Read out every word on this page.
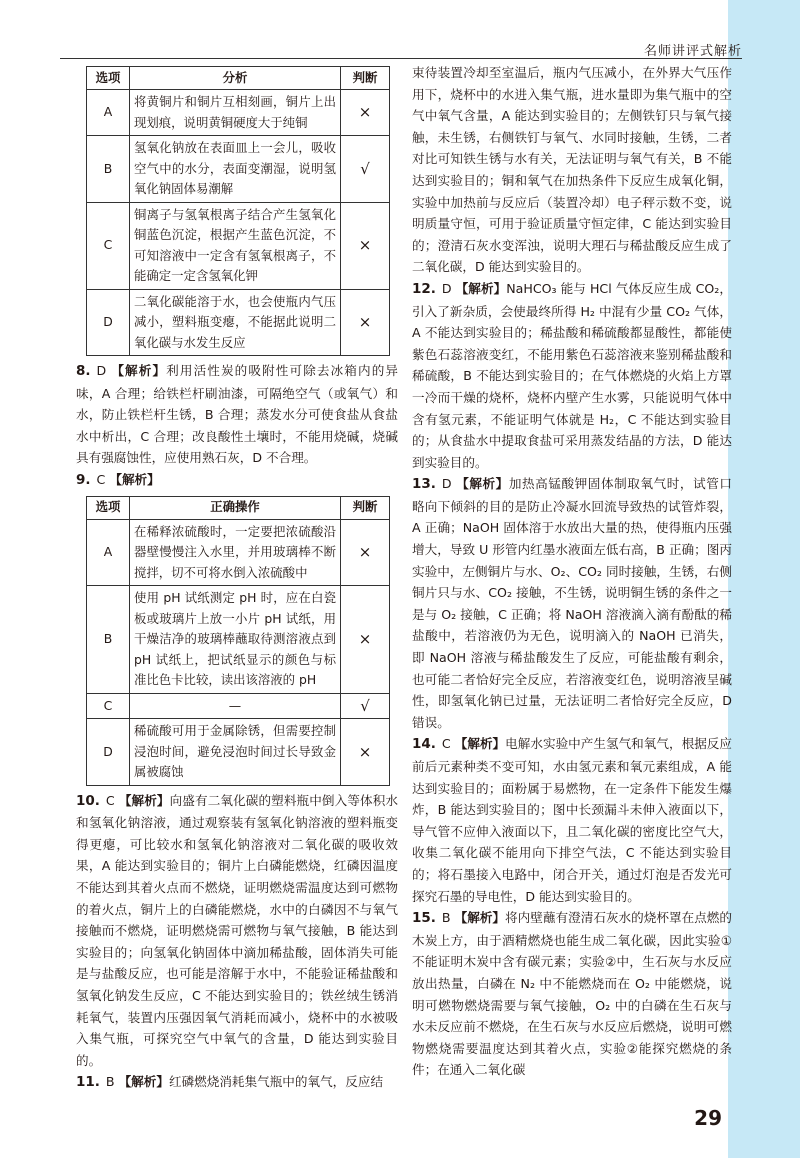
名师讲评式解析
选项	分析	判断
A	将黄铜片和铜片互相刻画，铜片上出现划痕，说明黄铜硬度大于纯铜	×
B	氢氧化钠放在表面皿上一会儿，吸收空气中的水分，表面变潮湿，说明氢氧化钠固体易潮解	√
C	铜离子与氢氧根离子结合产生氢氧化铜蓝色沉淀，根据产生蓝色沉淀，不可知溶液中一定含有氢氧根离子，不能确定一定含氢氧化钾	×
D	二氧化碳能溶于水，也会使瓶内气压减小，塑料瓶变瘪，不能据此说明二氧化碳与水发生反应	×

8. D 【解析】利用活性炭的吸附性可除去冰箱内的异味，A 合理；给铁栏杆刷油漆，可隔绝空气（或氧气）和水，防止铁栏杆生锈，B 合理；蒸发水分可使食盐从食盐水中析出，C 合理；改良酸性土壤时，不能用烧碱，烧碱具有强腐蚀性，应使用熟石灰，D 不合理。

9. C 【解析】

选项	正确操作	判断
A	在稀释浓硫酸时，一定要把浓硫酸沿器壁慢慢注入水里，并用玻璃棒不断搅拌，切不可将水倒入浓硫酸中	×
B	使用 pH 试纸测定 pH 时，应在白瓷板或玻璃片上放一小片 pH 试纸，用干燥洁净的玻璃棒蘸取待测溶液点到 pH 试纸上，把试纸显示的颜色与标准比色卡比较，读出该溶液的 pH	×
C	—	√
D	稀硫酸可用于金属除锈，但需要控制浸泡时间，避免浸泡时间过长导致金属被腐蚀	×

10. C 【解析】向盛有二氧化碳的塑料瓶中倒入等体积水和氢氧化钠溶液，通过观察装有氢氧化钠溶液的塑料瓶变得更瘪，可比较水和氢氧化钠溶液对二氧化碳的吸收效果，A 能达到实验目的；铜片上白磷能燃烧，红磷因温度不能达到其着火点而不燃烧，证明燃烧需温度达到可燃物的着火点，铜片上的白磷能燃烧，水中的白磷因不与氧气接触而不燃烧，证明燃烧需可燃物与氧气接触，B 能达到实验目的；向氢氧化钠固体中滴加稀盐酸，固体消失可能是与盐酸反应，也可能是溶解于水中，不能验证稀盐酸和氢氧化钠发生反应，C 不能达到实验目的；铁丝绒生锈消耗氧气，装置内压强因氧气消耗而减小，烧杯中的水被吸入集气瓶，可探究空气中氧气的含量，D 能达到实验目的。

11. B 【解析】红磷燃烧消耗集气瓶中的氧气，反应结

束待装置冷却至室温后，瓶内气压减小，在外界大气压作用下，烧杯中的水进入集气瓶，进水量即为集气瓶中的空气中氧气含量，A 能达到实验目的；左侧铁钉只与氧气接触，未生锈，右侧铁钉与氧气、水同时接触，生锈，二者对比可知铁生锈与水有关，无法证明与氧气有关，B 不能达到实验目的；铜和氧气在加热条件下反应生成氧化铜，实验中加热前与反应后（装置冷却）电子秤示数不变，说明质量守恒，可用于验证质量守恒定律，C 能达到实验目的；澄清石灰水变浑浊，说明大理石与稀盐酸反应生成了二氧化碳，D 能达到实验目的。

12. D 【解析】NaHCO₃ 能与 HCl 气体反应生成 CO₂，引入了新杂质，会使最终所得 H₂ 中混有少量 CO₂ 气体，A 不能达到实验目的；稀盐酸和稀硫酸都显酸性，都能使紫色石蕊溶液变红，不能用紫色石蕊溶液来鉴别稀盐酸和稀硫酸，B 不能达到实验目的；在气体燃烧的火焰上方罩一冷而干燥的烧杯，烧杯内壁产生水雾，只能说明气体中含有氢元素，不能证明气体就是 H₂，C 不能达到实验目的；从食盐水中提取食盐可采用蒸发结晶的方法，D 能达到实验目的。

13. D 【解析】加热高锰酸钾固体制取氧气时，试管口略向下倾斜的目的是防止冷凝水回流导致热的试管炸裂，A 正确；NaOH 固体溶于水放出大量的热，使得瓶内压强增大，导致 U 形管内红墨水液面左低右高，B 正确；图丙实验中，左侧铜片与水、O₂、CO₂ 同时接触，生锈，右侧铜片只与水、CO₂ 接触，不生锈，说明铜生锈的条件之一是与 O₂ 接触，C 正确；将 NaOH 溶液滴入滴有酚酞的稀盐酸中，若溶液仍为无色，说明滴入的 NaOH 已消失，即 NaOH 溶液与稀盐酸发生了反应，可能盐酸有剩余，也可能二者恰好完全反应，若溶液变红色，说明溶液呈碱性，即氢氧化钠已过量，无法证明二者恰好完全反应，D 错误。

14. C 【解析】电解水实验中产生氢气和氧气，根据反应前后元素种类不变可知，水由氢元素和氧元素组成，A 能达到实验目的；面粉属于易燃物，在一定条件下能发生爆炸，B 能达到实验目的；图中长颈漏斗未伸入液面以下，导气管不应伸入液面以下，且二氧化碳的密度比空气大，收集二氧化碳不能用向下排空气法，C 不能达到实验目的；将石墨接入电路中，闭合开关，通过灯泡是否发光可探究石墨的导电性，D 能达到实验目的。

15. B 【解析】将内壁蘸有澄清石灰水的烧杯罩在点燃的木炭上方，由于酒精燃烧也能生成二氧化碳，因此实验①不能证明木炭中含有碳元素；实验②中，生石灰与水反应放出热量，白磷在 N₂ 中不能燃烧而在 O₂ 中能燃烧，说明可燃物燃烧需要与氧气接触，O₂ 中的白磷在生石灰与水未反应前不燃烧，在生石灰与水反应后燃烧，说明可燃物燃烧需要温度达到其着火点，实验②能探究燃烧的条件；在通入二氧化碳

29
